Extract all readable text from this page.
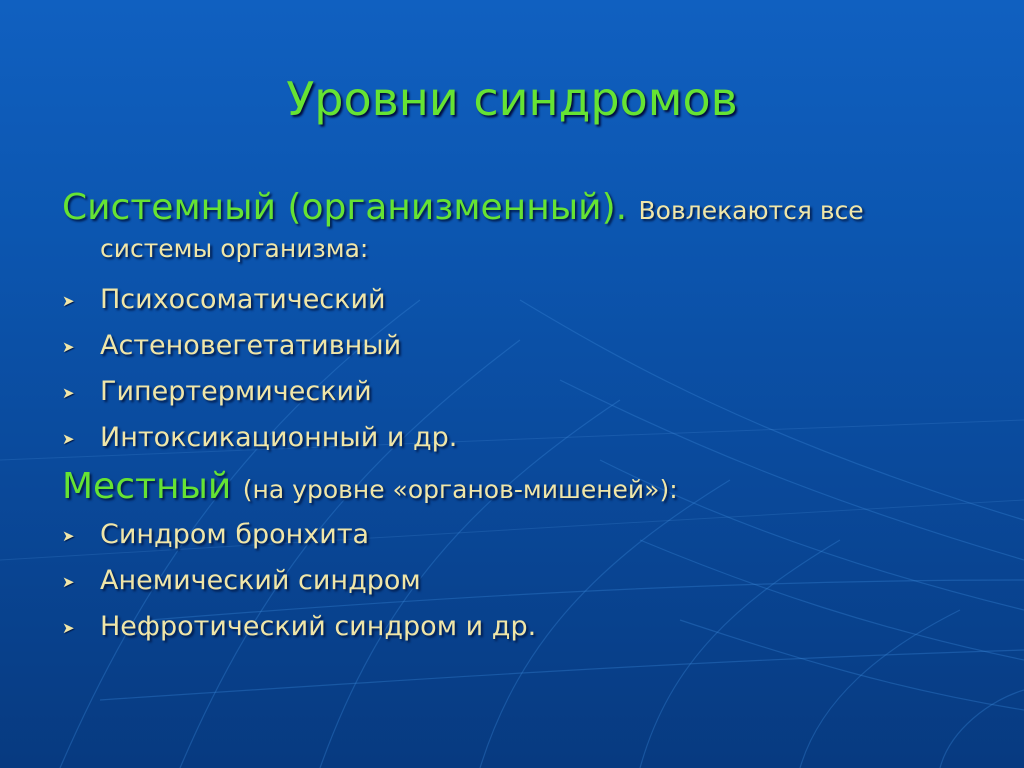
Уровни синдромов
Системный (организменный). Вовлекаются все
системы организма:
➤ Психосоматический
➤ Астеновегетативный
➤ Гипертермический
➤ Интоксикационный и др.
Местный (на уровне «органов-мишеней»):
➤ Синдром бронхита
➤ Анемический синдром
➤ Нефротический синдром и др.
